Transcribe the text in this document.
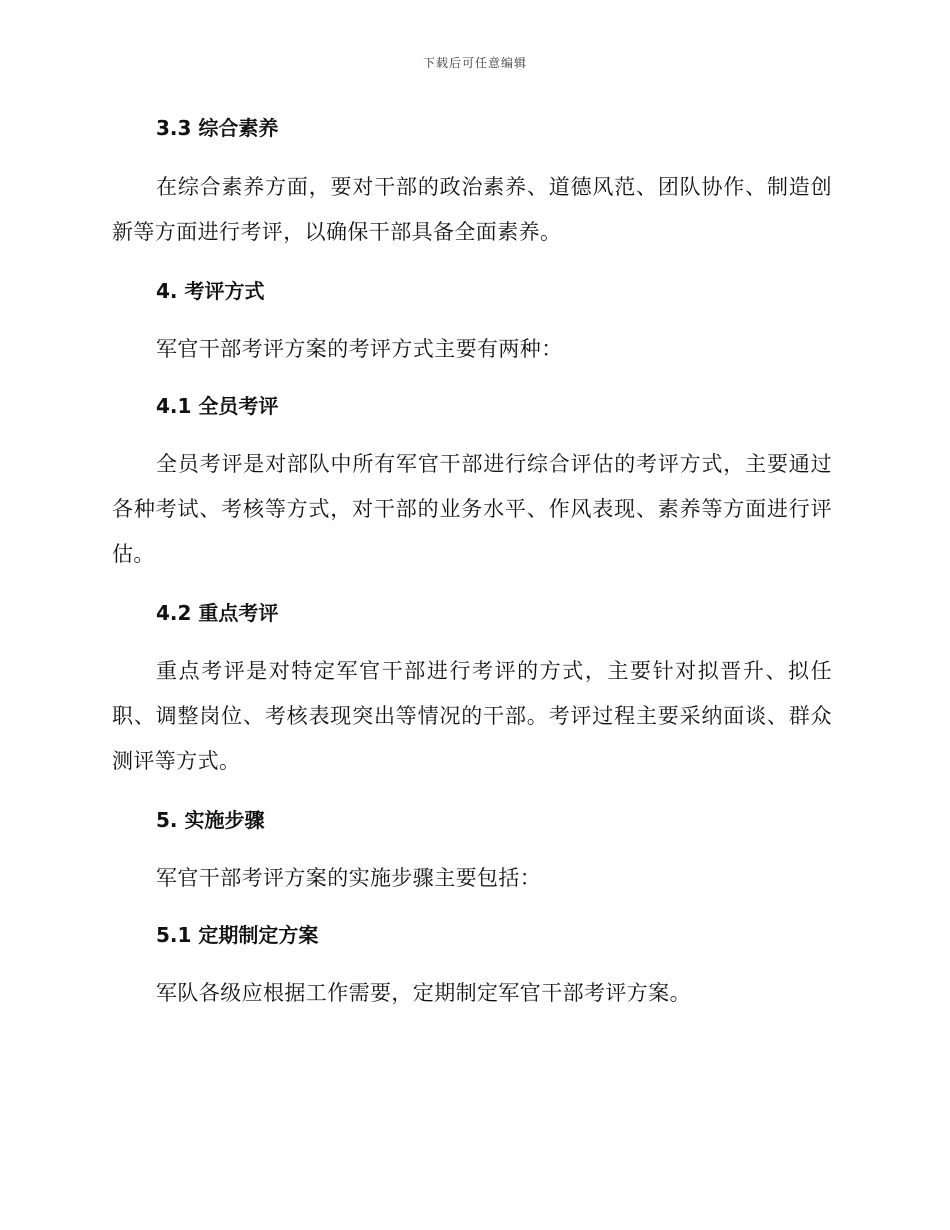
下载后可任意编辑
3.3 综合素养

在综合素养方面，要对干部的政治素养、道德风范、团队协作、制造创新等方面进行考评，以确保干部具备全面素养。

4. 考评方式

军官干部考评方案的考评方式主要有两种：

4.1 全员考评

全员考评是对部队中所有军官干部进行综合评估的考评方式，主要通过各种考试、考核等方式，对干部的业务水平、作风表现、素养等方面进行评估。

4.2 重点考评

重点考评是对特定军官干部进行考评的方式，主要针对拟晋升、拟任职、调整岗位、考核表现突出等情况的干部。考评过程主要采纳面谈、群众测评等方式。

5. 实施步骤

军官干部考评方案的实施步骤主要包括：

5.1 定期制定方案

军队各级应根据工作需要，定期制定军官干部考评方案。
